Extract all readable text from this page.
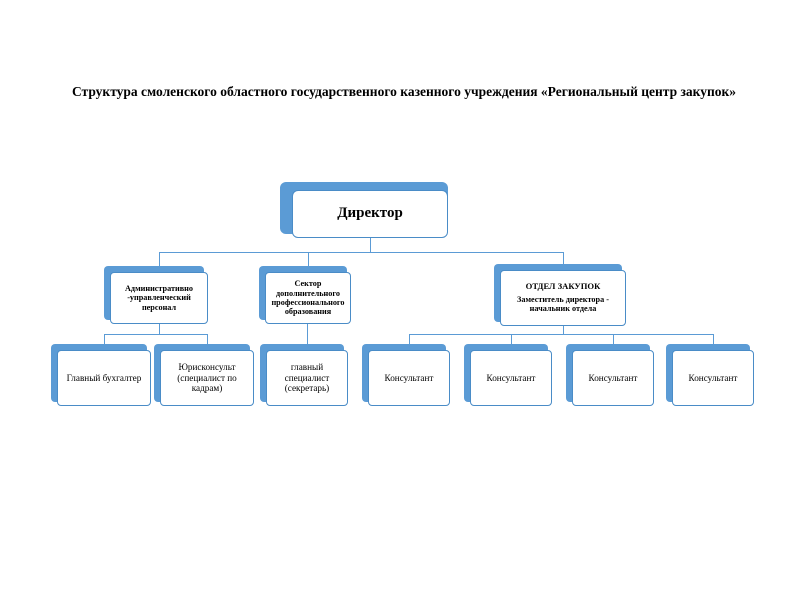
Структура смоленского областного государственного казенного учреждения «Региональный центр закупок»
Директор
Административно -управленческий персонал
Сектор дополнительного профессионального образования
ОТДЕЛ ЗАКУПОК
Заместитель директора - начальник отдела
Главный бухгалтер
Юрисконсульт (специалист по кадрам)
главный специалист (секретарь)
Консультант	Консультант	Консультант	Консультант
